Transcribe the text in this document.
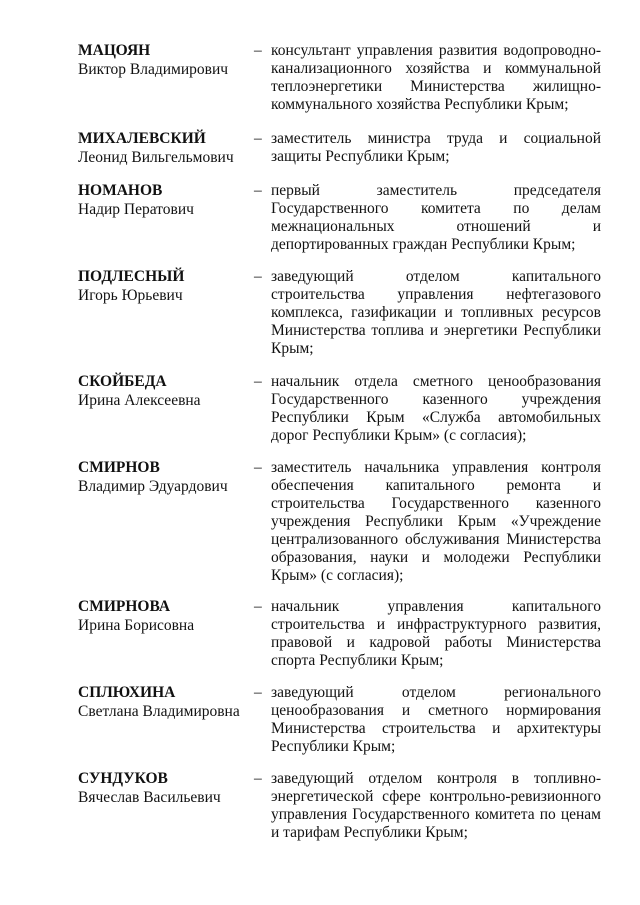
МАЦОЯН
Виктор Владимирович
– консультант управления развития водопроводно-канализационного хозяйства и коммунальной теплоэнергетики Министерства жилищно-коммунального хозяйства Республики Крым;
МИХАЛЕВСКИЙ
Леонид Вильгельмович
– заместитель министра труда и социальной защиты Республики Крым;
НОМАНОВ
Надир Ператович
– первый заместитель председателя Государственного комитета по делам межнациональных отношений и депортированных граждан Республики Крым;
ПОДЛЕСНЫЙ
Игорь Юрьевич
– заведующий отделом капитального строительства управления нефтегазового комплекса, газификации и топливных ресурсов Министерства топлива и энергетики Республики Крым;
СКОЙБЕДА
Ирина Алексеевна
– начальник отдела сметного ценообразования Государственного казенного учреждения Республики Крым «Служба автомобильных дорог Республики Крым» (с согласия);
СМИРНОВ
Владимир Эдуардович
– заместитель начальника управления контроля обеспечения капитального ремонта и строительства Государственного казенного учреждения Республики Крым «Учреждение централизованного обслуживания Министерства образования, науки и молодежи Республики Крым» (с согласия);
СМИРНОВА
Ирина Борисовна
– начальник управления капитального строительства и инфраструктурного развития, правовой и кадровой работы Министерства спорта Республики Крым;
СПЛЮХИНА
Светлана Владимировна
– заведующий отделом регионального ценообразования и сметного нормирования Министерства строительства и архитектуры Республики Крым;
СУНДУКОВ
Вячеслав Васильевич
– заведующий отделом контроля в топливно-энергетической сфере контрольно-ревизионного управления Государственного комитета по ценам и тарифам Республики Крым;
